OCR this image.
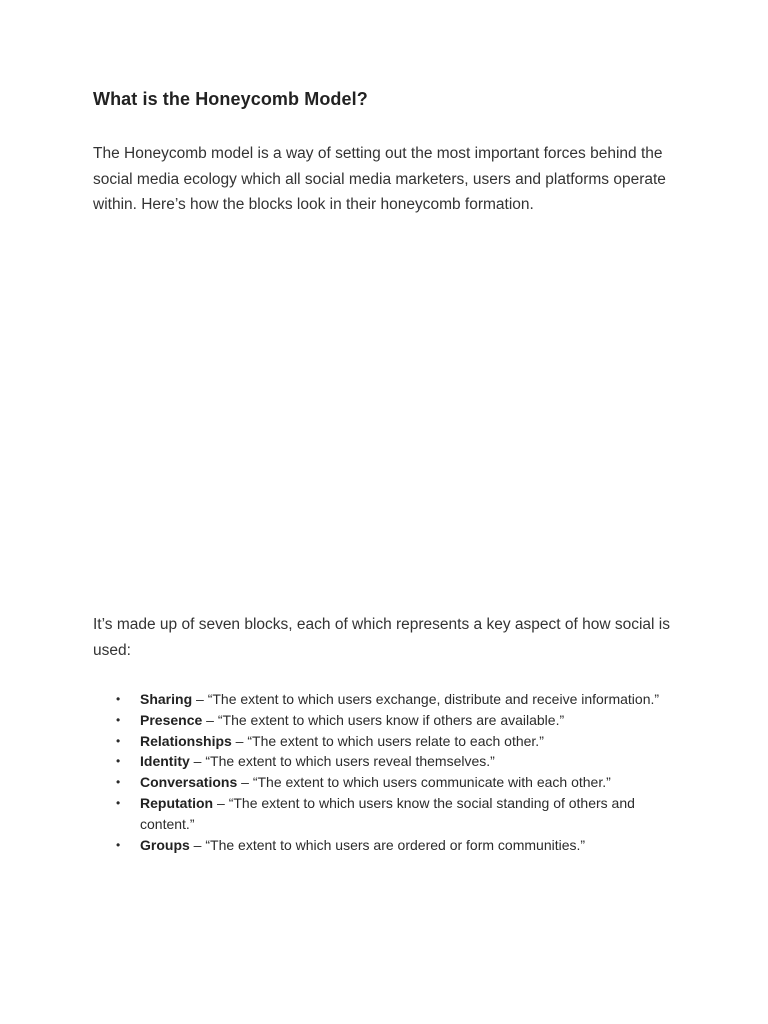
What is the Honeycomb Model?

The Honeycomb model is a way of setting out the most important forces behind the social media ecology which all social media marketers, users and platforms operate within. Here’s how the blocks look in their honeycomb formation.

It’s made up of seven blocks, each of which represents a key aspect of how social is used:

•	Sharing – “The extent to which users exchange, distribute and receive information.”
•	Presence – “The extent to which users know if others are available.”
•	Relationships – “The extent to which users relate to each other.”
•	Identity – “The extent to which users reveal themselves.”
•	Conversations – “The extent to which users communicate with each other.”
•	Reputation – “The extent to which users know the social standing of others and content.”
•	Groups – “The extent to which users are ordered or form communities.”
